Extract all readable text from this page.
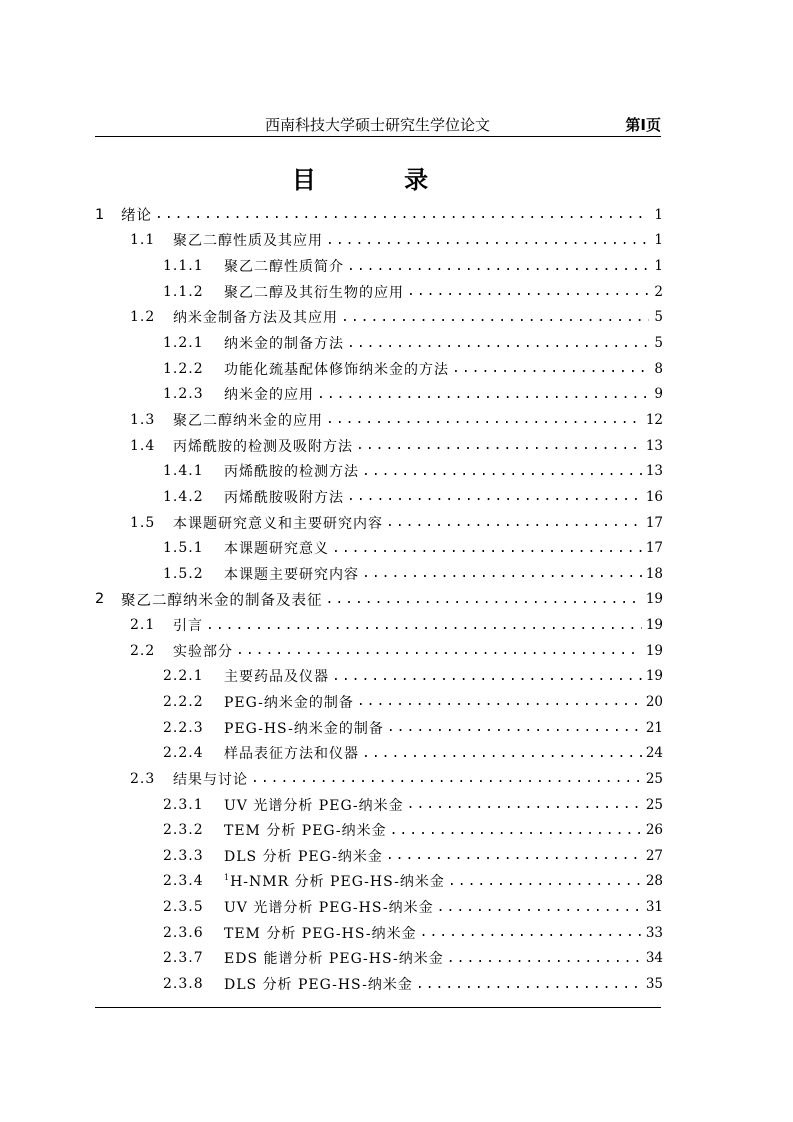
西南科技大学硕士研究生学位论文	第Ⅰ页
目 录
1	绪论 .....	1
1.1	聚乙二醇性质及其应用 .....	1
1.1.1	聚乙二醇性质简介 .....	1
1.1.2	聚乙二醇及其衍生物的应用 .....	2
1.2	纳米金制备方法及其应用 .....	5
1.2.1	纳米金的制备方法 .....	5
1.2.2	功能化巯基配体修饰纳米金的方法 .....	8
1.2.3	纳米金的应用 .....	9
1.3	聚乙二醇纳米金的应用 .....	12
1.4	丙烯酰胺的检测及吸附方法 .....	13
1.4.1	丙烯酰胺的检测方法 .....	13
1.4.2	丙烯酰胺吸附方法 .....	16
1.5	本课题研究意义和主要研究内容 .....	17
1.5.1	本课题研究意义 .....	17
1.5.2	本课题主要研究内容 .....	18
2	聚乙二醇纳米金的制备及表征 .....	19
2.1	引言 .....	19
2.2	实验部分 .....	19
2.2.1	主要药品及仪器 .....	19
2.2.2	PEG-纳米金的制备 .....	20
2.2.3	PEG-HS-纳米金的制备 .....	21
2.2.4	样品表征方法和仪器 .....	24
2.3	结果与讨论 .....	25
2.3.1	UV 光谱分析 PEG-纳米金 .....	25
2.3.2	TEM 分析 PEG-纳米金 .....	26
2.3.3	DLS 分析 PEG-纳米金 .....	27
2.3.4	$^1$H-NMR 分析 PEG-HS-纳米金 .....	28
2.3.5	UV 光谱分析 PEG-HS-纳米金 .....	31
2.3.6	TEM 分析 PEG-HS-纳米金 .....	33
2.3.7	EDS 能谱分析 PEG-HS-纳米金 .....	34
2.3.8	DLS 分析 PEG-HS-纳米金 .....	35
